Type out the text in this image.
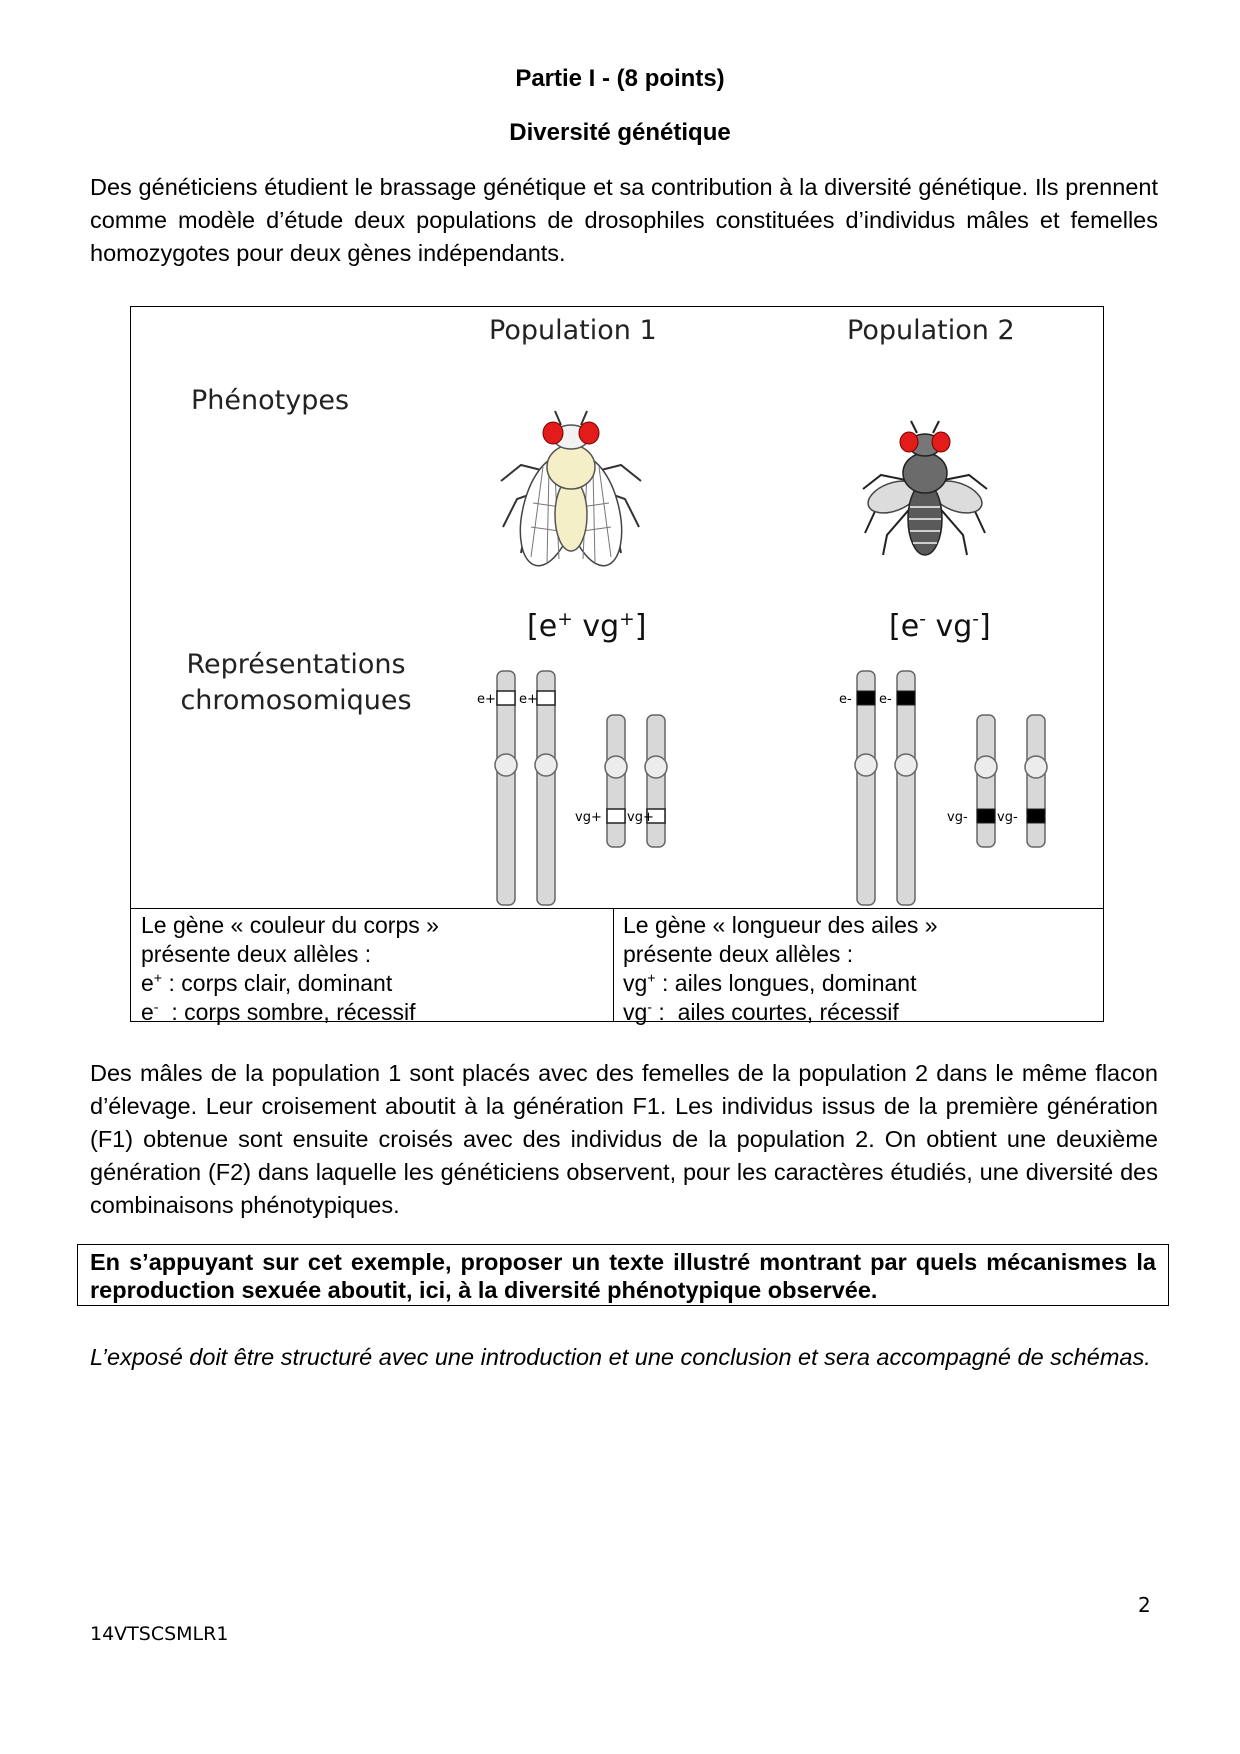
Partie I - (8 points)
Diversité génétique
Des généticiens étudient le brassage génétique et sa contribution à la diversité génétique. Ils prennent comme modèle d’étude deux populations de drosophiles constituées d’individus mâles et femelles homozygotes pour deux gènes indépendants.
Population 1	Population 2
Phénotypes
Représentations
chromosomiques
[e+ vg+]	[e- vg-]
e+ e+
vg+ vg+
e- e-
vg- vg-
Le gène « couleur du corps »
présente deux allèles :
e+ : corps clair, dominant
e-  : corps sombre, récessif
Le gène « longueur des ailes »
présente deux allèles :
vg+ : ailes longues, dominant
vg- :  ailes courtes, récessif
Des mâles de la population 1 sont placés avec des femelles de la population 2 dans le même flacon d’élevage. Leur croisement aboutit à la génération F1. Les individus issus de la première génération (F1) obtenue sont ensuite croisés avec des individus de la population 2. On obtient une deuxième génération (F2) dans laquelle les généticiens observent, pour les caractères étudiés, une diversité des combinaisons phénotypiques.
En s’appuyant sur cet exemple, proposer un texte illustré montrant par quels mécanismes la reproduction sexuée aboutit, ici, à la diversité phénotypique observée.
L’exposé doit être structuré avec une introduction et une conclusion et sera accompagné de schémas.
2
14VTSCSMLR1
